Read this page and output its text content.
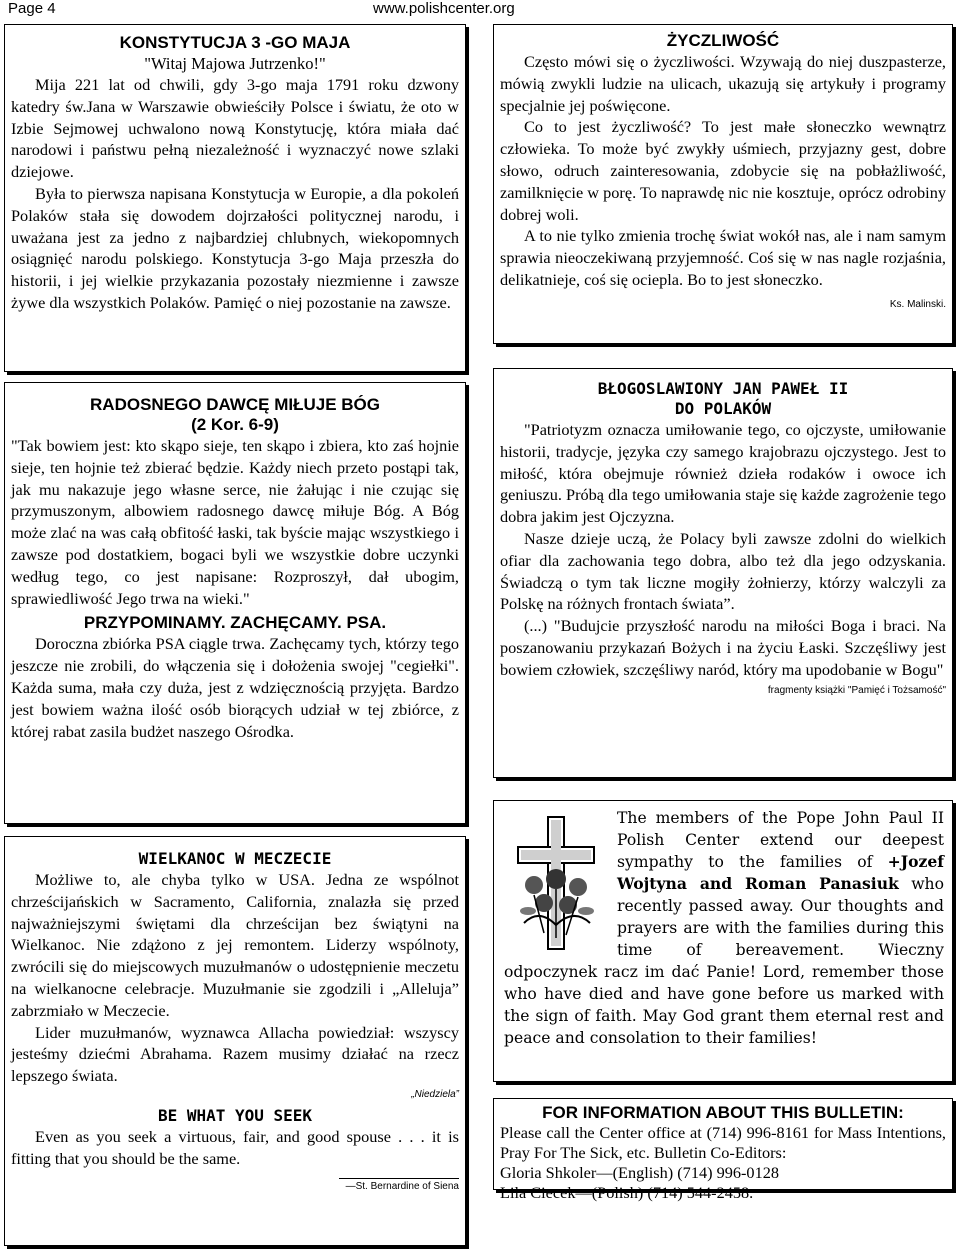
Page 4	www.polishcenter.org
KONSTYTUCJA 3 -GO MAJA
"Witaj Majowa Jutrzenko!"

Mija 221 lat od chwili, gdy 3-go maja 1791 roku dzwony katedry św.Jana w Warszawie obwieściły Polsce i światu, że oto w Izbie Sejmowej uchwalono nową Konstytucję, która miała dać narodowi i państwu pełną niezależność i wyznaczyć nowe szlaki dziejowe.

Była to pierwsza napisana Konstytucja w Europie, a dla pokoleń Polaków stała się dowodem dojrzałości politycznej narodu, i uważana jest za jedno z najbardziej chlubnych, wiekopomnych osiągnięć narodu polskiego. Konstytucja 3-go Maja przeszła do historii, i jej wielkie przykazania pozostały niezmienne i zawsze żywe dla wszystkich Polaków. Pamięć o niej pozostanie na zawsze.

RADOSNEGO DAWCĘ MIŁUJE BÓG
(2 Kor. 6-9)

"Tak bowiem jest: kto skąpo sieje, ten skąpo i zbiera, kto zaś hojnie sieje, ten hojnie też zbierać będzie. Każdy niech przeto postąpi tak, jak mu nakazuje jego własne serce, nie żałując i nie czując się przymuszonym, albowiem radosnego dawcę miłuje Bóg. A Bóg może zlać na was całą obfitość łaski, tak byście mając wszystkiego i zawsze pod dostatkiem, bogaci byli we wszystkie dobre uczynki według tego, co jest napisane: Rozproszył, dał ubogim, sprawiedliwość Jego trwa na wieki."

PRZYPOMINAMY. ZACHĘCAMY. PSA.

Doroczna zbiórka PSA ciągle trwa. Zachęcamy tych, którzy tego jeszcze nie zrobili, do włączenia się i dołożenia swojej "cegiełki". Każda suma, mała czy duża, jest z wdzięcznością przyjęta. Bardzo jest bowiem ważna ilość osób biorących udział w tej zbiórce, z której rabat zasila budżet naszego Ośrodka.

WIELKANOC W MECZECIE

Możliwe to, ale chyba tylko w USA. Jedna ze wspólnot chrześcijańskich w Sacramento, California, znalazła się przed najważniejszymi świętami dla chrześcijan bez świątyni na Wielkanoc. Nie zdążono z jej remontem. Liderzy wspólnoty, zwrócili się do miejscowych muzułmanów o udostępnienie meczetu na wielkanocne celebracje. Muzułmanie sie zgodzili i „Alleluja” zabrzmiało w Meczecie.

Lider muzułmanów, wyznawca Allacha powiedział: wszyscy jesteśmy dziećmi Abrahama. Razem musimy działać na rzecz lepszego świata.

„Niedziela”
BE WHAT YOU SEEK

Even as you seek a virtuous, fair, and good spouse . . . it is fitting that you should be the same.

—St. Bernardine of Siena
ŻYCZLIWOŚĆ

Często mówi się o życzliwości. Wzywają do niej duszpasterze, mówią zwykli ludzie na ulicach, ukazują się artykuły i programy specjalnie jej poświęcone.

Co to jest życzliwość? To jest małe słoneczko wewnątrz człowieka. To może być zwykły uśmiech, przyjazny gest, dobre słowo, odruch zainteresowania, zdobycie się na pobłażliwość, zamilknięcie w porę. To naprawdę nic nie kosztuje, oprócz odrobiny dobrej woli.

A to nie tylko zmienia trochę świat wokół nas, ale i nam samym sprawia nieoczekiwaną przyjemność. Coś się w nas nagle rozjaśnia, delikatnieje, coś się ociepla. Bo to jest słoneczko.

Ks. Malinski.
BŁOGOSLAWIONY JAN PAWEŁ II
DO POLAKÓW

"Patriotyzm oznacza umiłowanie tego, co ojczyste, umiłowanie historii, tradycje, języka czy samego krajobrazu ojczystego. Jest to miłość, która obejmuje również dzieła rodaków i owoce ich geniuszu. Próbą dla tego umiłowania staje się każde zagrożenie tego dobra jakim jest Ojczyzna.

Nasze dzieje uczą, że Polacy byli zawsze zdolni do wielkich ofiar dla zachowania tego dobra, albo też dla jego odzyskania. Świadczą o tym tak liczne mogiły żołnierzy, którzy walczyli za Polskę na różnych frontach świata”.

(...) "Budujcie przyszłość narodu na miłości Boga i braci. Na poszanowaniu przykazań Bożych i na życiu Łaski. Szczęśliwy jest bowiem człowiek, szczęśliwy naród, który ma upodobanie w Bogu"

fragmenty książki "Pamięć i Tożsamość"

The members of the Pope John Paul II Polish Center extend our deepest sympathy to the families of +Jozef Wojtyna and Roman Panasiuk who recently passed away. Our thoughts and prayers are with the families during this time of bereavement. Wieczny odpoczynek racz im dać Panie! Lord, remember those who have died and have gone before us marked with the sign of faith. May God grant them eternal rest and peace and consolation to their families!

FOR INFORMATION ABOUT THIS BULLETIN:

Please call the Center office at (714) 996-8161 for Mass Intentions, Pray For The Sick, etc. Bulletin Co-Editors:

Gloria Shkoler—(English) (714) 996-0128

Lila Ciecek—(Polish) (714) 544-2458.
